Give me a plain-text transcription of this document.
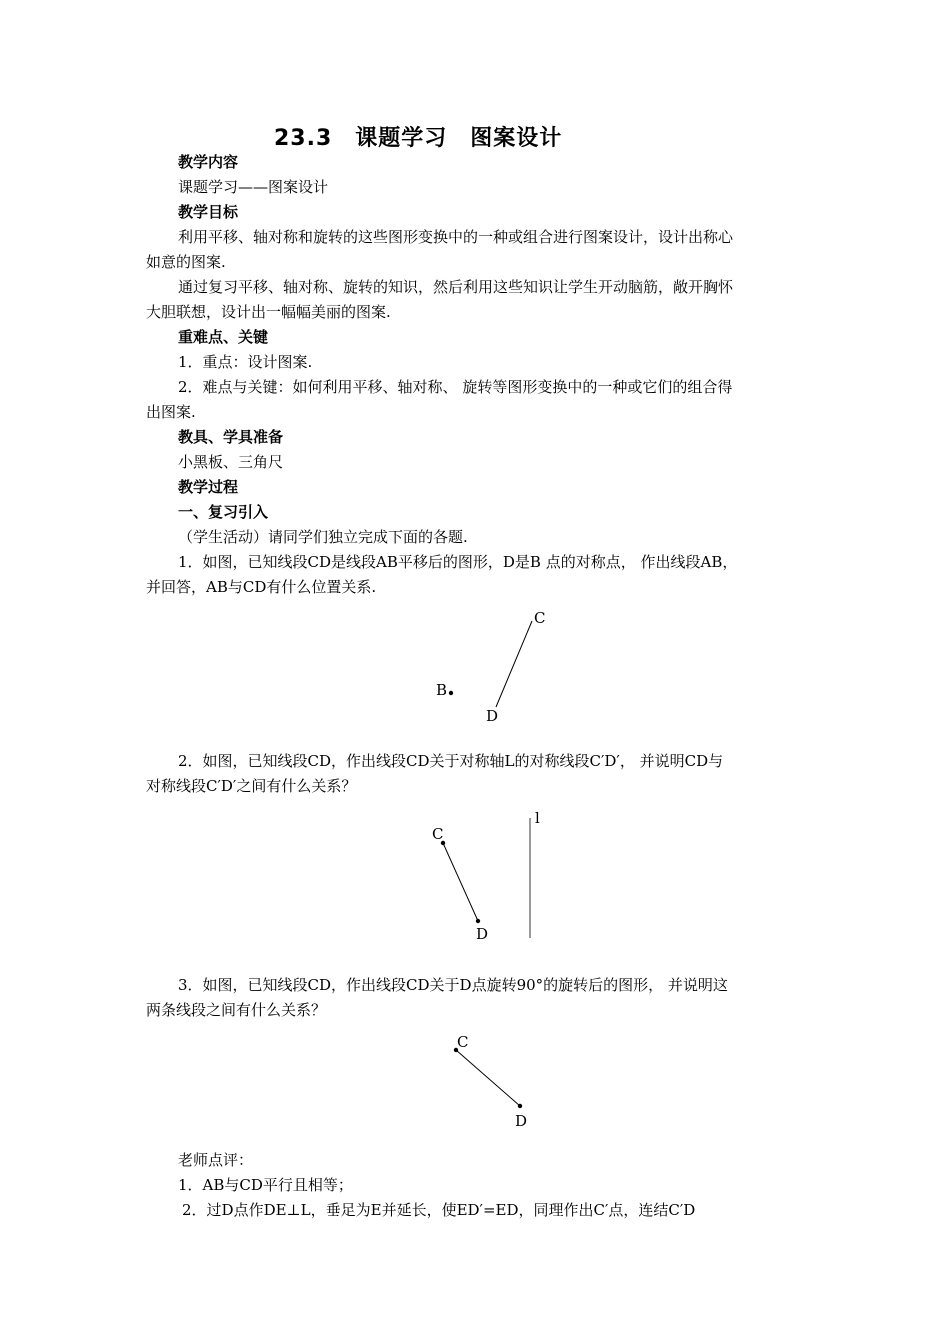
23.3　课题学习　图案设计
教学内容
课题学习——图案设计
教学目标
利用平移、轴对称和旋转的这些图形变换中的一种或组合进行图案设计，设计出称心
如意的图案.
通过复习平移、轴对称、旋转的知识，然后利用这些知识让学生开动脑筋，敞开胸怀
大胆联想，设计出一幅幅美丽的图案.
重难点、关键
1．重点：设计图案.
2．难点与关键：如何利用平移、轴对称、 旋转等图形变换中的一种或它们的组合得
出图案.
教具、学具准备
小黑板、三角尺
教学过程
一、复习引入
（学生活动）请同学们独立完成下面的各题.
1．如图，已知线段CD是线段AB平移后的图形，D是B 点的对称点， 作出线段AB，
并回答，AB与CD有什么位置关系.
2．如图，已知线段CD，作出线段CD关于对称轴L的对称线段C′D′， 并说明CD与
对称线段C′D′之间有什么关系？
3．如图，已知线段CD，作出线段CD关于D点旋转90°的旋转后的图形， 并说明这
两条线段之间有什么关系？
老师点评：
1．AB与CD平行且相等；
2．过D点作DE⊥L，垂足为E并延长，使ED′=ED，同理作出C′点，连结C′D
C
B
D
C
D
l
C
D
